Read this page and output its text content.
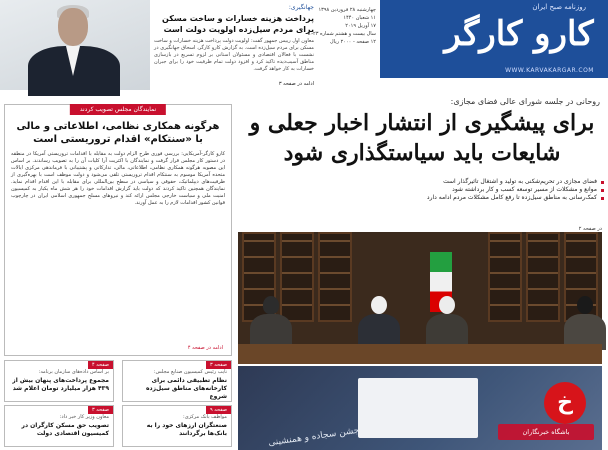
روزنامه صبح ایران
کارو کارگر
WWW.KARVAKARGAR.COM
چهارشنبه ۲۸ فروردین ۱۳۹۸
۱۱ شعبان ۱۴۴۰
۱۷ آوریل ۲۰۱۹
سال بیست و هشتم شماره ۸۰۲۳
۱۲ صفحه - ۲۰۰۰ ریال
جهانگیری:
پرداخت هزینه خسارات و ساخت مسکن برای مردم سیل‌زده اولویت دولت است
معاون اول رییس جمهور گفت: اولویت دولت پرداخت هزینه خسارات و ساخت مسکن برای مردم سیل‌زده است. به گزارش کارو کارگر، اسحاق جهانگیری در نشست با فعالان اقتصادی و مسئولان استانی بر لزوم تسریع در بازسازی مناطق آسیب‌دیده تاکید کرد و افزود دولت تمام ظرفیت خود را برای جبران خسارات به کار خواهد گرفت.
ادامه در صفحه ۳
روحانی در جلسه شورای عالی فضای مجازی:
برای پیشگیری از انتشار اخبار جعلی و شایعات باید سیاستگذاری شود
فضای مجازی در تحریم‌شکنی به تولید و اشتغال تاثیرگذار است
موانع و مشکلات از مسیر توسعه کسب و کار برداشته شود
کمک‌رسانی به مناطق سیل‌زده تا رفع کامل مشکلات مردم ادامه دارد
در صفحه ۲
نمایندگان مجلس تصویب کردند
هرگونه همکاری نظامی، اطلاعاتی و مالی با «سنتکام» اقدام تروریستی است
کارو کارگر-آمریکایی: بررسی فوری طرح الزام دولت به مقابله با اقدامات تروریستی آمریکا در منطقه در دستور کار مجلس قرار گرفت و نمایندگان با اکثریت آرا کلیات آن را به تصویب رساندند. بر اساس این مصوبه هرگونه همکاری نظامی، اطلاعاتی، مالی، تدارکاتی و پشتیبانی با فرماندهی مرکزی ایالات متحده آمریکا موسوم به سنتکام اقدام تروریستی تلقی می‌شود و دولت موظف است با بهره‌گیری از ظرفیت‌های دیپلماتیک، حقوقی و سیاسی در سطح بین‌المللی برای مقابله با این اقدام اقدام نماید. نمایندگان همچنین تاکید کردند که دولت باید گزارش اقدامات خود را هر شش ماه یکبار به کمیسیون امنیت ملی و سیاست خارجی مجلس ارائه کند و نیروهای مسلح جمهوری اسلامی ایران در چارچوب قوانین کشور اقدامات لازم را به عمل آورند.
ادامه در صفحه ۴
صفحه ۳
نایب رئیس کمیسیون صنایع مجلس:
نظام تطبیقی دائمی برای کارخانه‌های مناطق سیل‌زده شروع
صفحه ۴
بر اساس داده‌های سازمان برنامه:
مجموع پرداخت‌های پنهان بیش از ۴۳۹ هزار میلیارد تومان اعلام شد
صفحه ۹
مواظف بانک مرکزی:
صنعتگران ارزهای خود را به بانک‌ها برگردانند
صفحه ۳
معاون وزیر کار خبر داد:
تصویب حق مسکن کارگران در کمیسیون اقتصادی دولت	جشن سجاده و همنشینی
خ
باشگاه خبرنگاران
